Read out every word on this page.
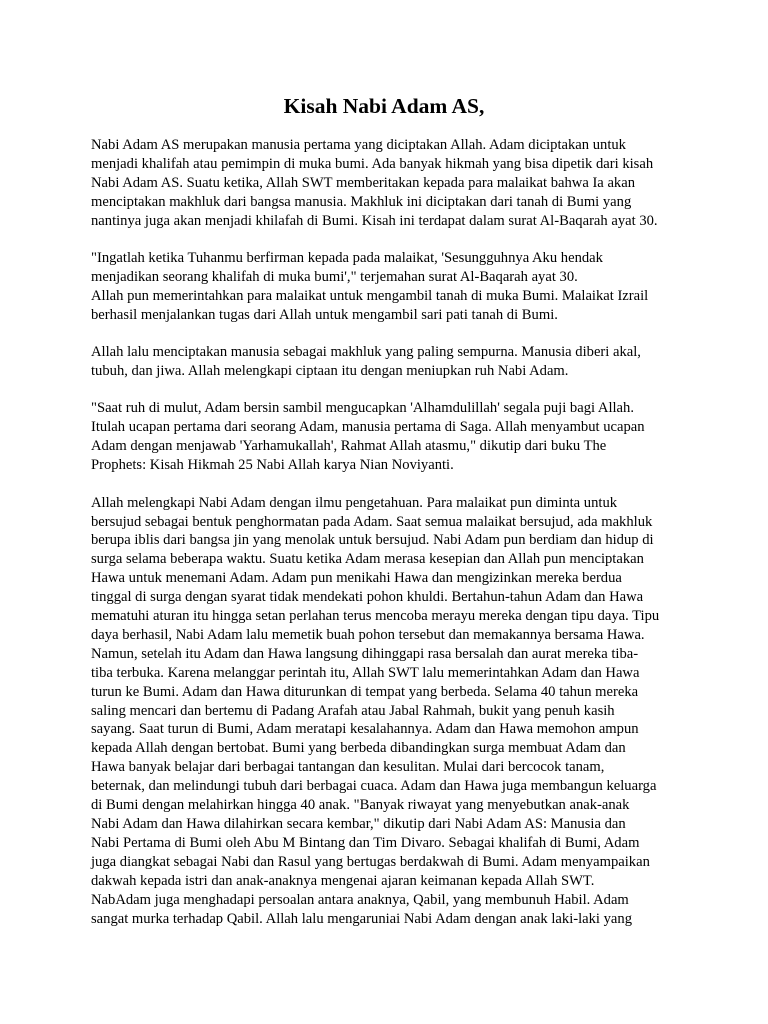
Kisah Nabi Adam AS,

Nabi Adam AS merupakan manusia pertama yang diciptakan Allah. Adam diciptakan untuk
menjadi khalifah atau pemimpin di muka bumi. Ada banyak hikmah yang bisa dipetik dari kisah
Nabi Adam AS. Suatu ketika, Allah SWT memberitakan kepada para malaikat bahwa Ia akan
menciptakan makhluk dari bangsa manusia. Makhluk ini diciptakan dari tanah di Bumi yang
nantinya juga akan menjadi khilafah di Bumi. Kisah ini terdapat dalam surat Al-Baqarah ayat 30.

"Ingatlah ketika Tuhanmu berfirman kepada pada malaikat, 'Sesungguhnya Aku hendak
menjadikan seorang khalifah di muka bumi'," terjemahan surat Al-Baqarah ayat 30.
Allah pun memerintahkan para malaikat untuk mengambil tanah di muka Bumi. Malaikat Izrail
berhasil menjalankan tugas dari Allah untuk mengambil sari pati tanah di Bumi.

Allah lalu menciptakan manusia sebagai makhluk yang paling sempurna. Manusia diberi akal,
tubuh, dan jiwa. Allah melengkapi ciptaan itu dengan meniupkan ruh Nabi Adam.

"Saat ruh di mulut, Adam bersin sambil mengucapkan 'Alhamdulillah' segala puji bagi Allah.
Itulah ucapan pertama dari seorang Adam, manusia pertama di Saga. Allah menyambut ucapan
Adam dengan menjawab 'Yarhamukallah', Rahmat Allah atasmu," dikutip dari buku The
Prophets: Kisah Hikmah 25 Nabi Allah karya Nian Noviyanti.

Allah melengkapi Nabi Adam dengan ilmu pengetahuan. Para malaikat pun diminta untuk
bersujud sebagai bentuk penghormatan pada Adam. Saat semua malaikat bersujud, ada makhluk
berupa iblis dari bangsa jin yang menolak untuk bersujud. Nabi Adam pun berdiam dan hidup di
surga selama beberapa waktu. Suatu ketika Adam merasa kesepian dan Allah pun menciptakan
Hawa untuk menemani Adam. Adam pun menikahi Hawa dan mengizinkan mereka berdua
tinggal di surga dengan syarat tidak mendekati pohon khuldi. Bertahun-tahun Adam dan Hawa
mematuhi aturan itu hingga setan perlahan terus mencoba merayu mereka dengan tipu daya. Tipu
daya berhasil, Nabi Adam lalu memetik buah pohon tersebut dan memakannya bersama Hawa.
Namun, setelah itu Adam dan Hawa langsung dihinggapi rasa bersalah dan aurat mereka tiba-
tiba terbuka. Karena melanggar perintah itu, Allah SWT lalu memerintahkan Adam dan Hawa
turun ke Bumi. Adam dan Hawa diturunkan di tempat yang berbeda. Selama 40 tahun mereka
saling mencari dan bertemu di Padang Arafah atau Jabal Rahmah, bukit yang penuh kasih
sayang. Saat turun di Bumi, Adam meratapi kesalahannya. Adam dan Hawa memohon ampun
kepada Allah dengan bertobat. Bumi yang berbeda dibandingkan surga membuat Adam dan
Hawa banyak belajar dari berbagai tantangan dan kesulitan. Mulai dari bercocok tanam,
beternak, dan melindungi tubuh dari berbagai cuaca. Adam dan Hawa juga membangun keluarga
di Bumi dengan melahirkan hingga 40 anak. "Banyak riwayat yang menyebutkan anak-anak
Nabi Adam dan Hawa dilahirkan secara kembar," dikutip dari Nabi Adam AS: Manusia dan
Nabi Pertama di Bumi oleh Abu M Bintang dan Tim Divaro. Sebagai khalifah di Bumi, Adam
juga diangkat sebagai Nabi dan Rasul yang bertugas berdakwah di Bumi. Adam menyampaikan
dakwah kepada istri dan anak-anaknya mengenai ajaran keimanan kepada Allah SWT.
NabAdam juga menghadapi persoalan antara anaknya, Qabil, yang membunuh Habil. Adam
sangat murka terhadap Qabil. Allah lalu mengaruniai Nabi Adam dengan anak laki-laki yang
